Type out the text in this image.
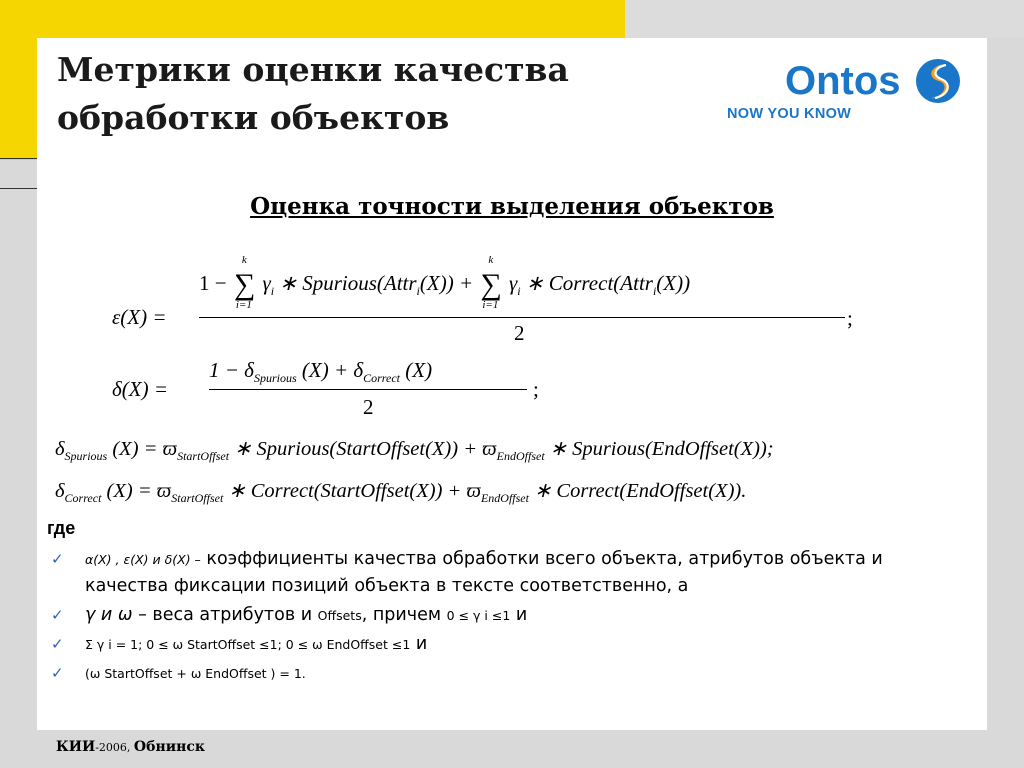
Метрики оценки качества
обработки объектов
Ontos
NOW YOU KNOW
Оценка точности выделения объектов
ε(X) =
1 − ∑
k
i=1
$\gamma_i$ ∗ Spurious(Attr$_i$(X)) + ∑
k
i=1
$\gamma_i$ ∗ Correct(Attr$_i$(X))
2
;
δ(X) =
$1 - \delta_{Spurious}$ $(X) + \delta_{Correct}$ (X)
2
;
$\delta_{Spurious}$ $(X) = ϖ_{StartOffset}$ ∗ Spurious(StartOffset(X)) + $ϖ_{EndOffset}$ ∗ Spurious(EndOffset(X));
$\delta_{Correct}$ $(X) = ϖ_{StartOffset}$ ∗ Correct(StartOffset(X)) + $ϖ_{EndOffset}$ ∗ Correct(EndOffset(X)).
где
✓ α(X) , ε(X) и δ(X) – коэффициенты качества обработки всего объекта, атрибутов объекта и качества фиксации позиций объекта в тексте соответственно, а
✓ γ и ω – веса атрибутов и Offsets, причем 0 ≤ γ i ≤1 и
✓ Σ γ i = 1; 0 ≤ ω StartOffset ≤1; 0 ≤ ω EndOffset ≤1 и
✓ (ω StartOffset + ω EndOffset ) = 1.
КИИ-2006, Обнинск
